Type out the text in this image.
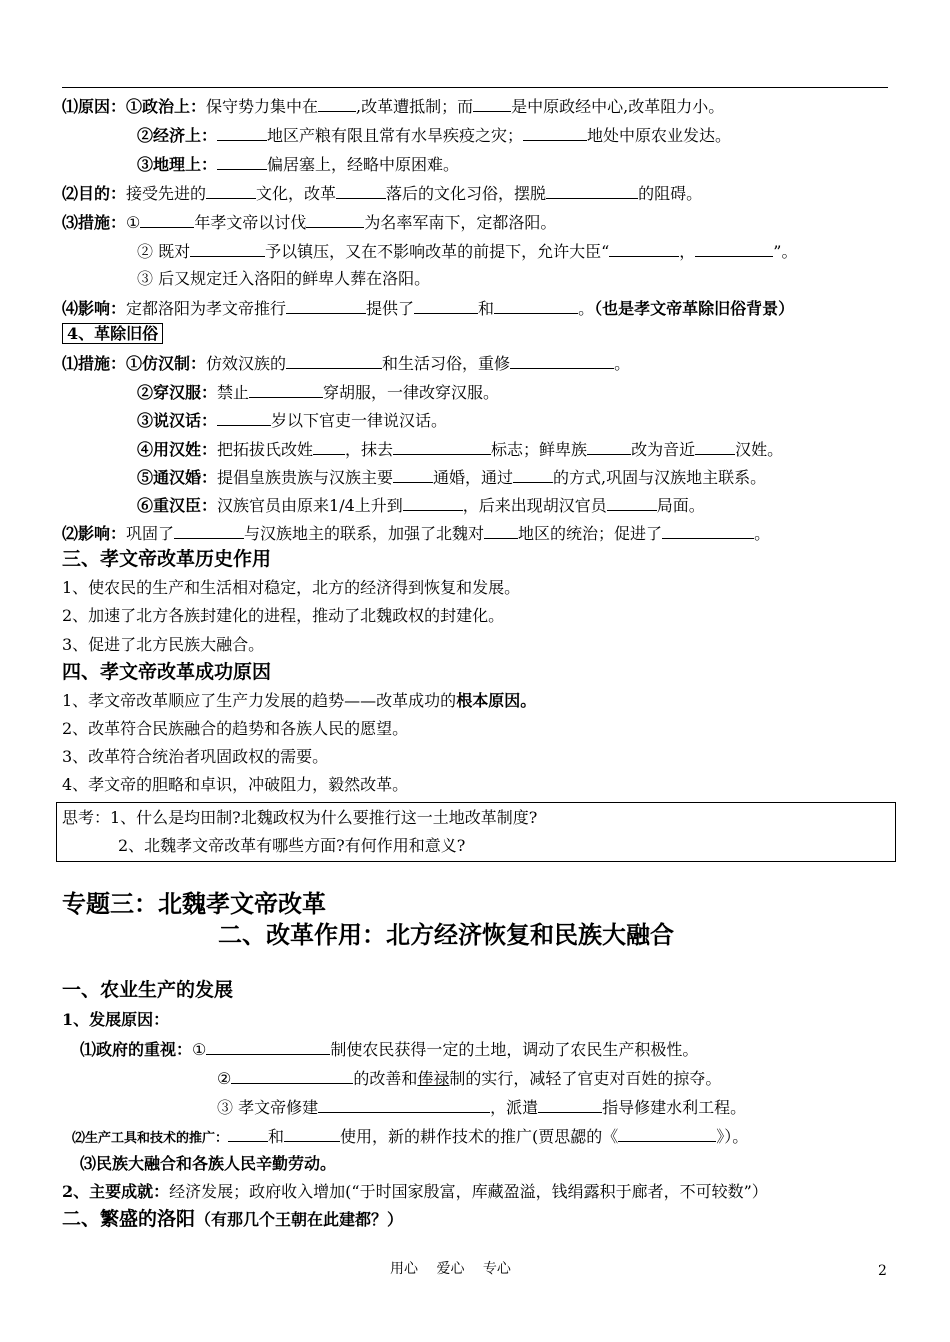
⑴原因：①政治上：保守势力集中在 ,改革遭抵制；而 是中原政经中心,改革阻力小。
②经济上：	地区产粮有限且常有水旱疾疫之灾；	地处中原农业发达。
③地理上：	偏居塞上，经略中原困难。
⑵目的：接受先进的	文化，改革	落后的文化习俗，摆脱	的阻碍。
⑶措施：①	年孝文帝以讨伐	为名率军南下，定都洛阳。
② 既对	予以镇压，又在不影响改革的前提下，允许大臣“	，	”。
③ 后又规定迁入洛阳的鲜卑人葬在洛阳。
⑷影响：定都洛阳为孝文帝推行	提供了	和	。（也是孝文帝革除旧俗背景）
4、革除旧俗
⑴措施：①仿汉制：仿效汉族的	和生活习俗，重修	。
②穿汉服：禁止	穿胡服，一律改穿汉服。
③说汉话：	岁以下官吏一律说汉话。
④用汉姓：把拓拔氏改姓 ，抹去	标志；鲜卑族	改为音近	汉姓。
⑤通汉婚：提倡皇族贵族与汉族主要	通婚，通过	的方式,巩固与汉族地主联系。
⑥重汉臣：汉族官员由原来1/4上升到	，后来出现胡汉官员	局面。
⑵影响：巩固了	与汉族地主的联系，加强了北魏对 地区的统治；促进了	。
三、孝文帝改革历史作用
1、使农民的生产和生活相对稳定，北方的经济得到恢复和发展。
2、加速了北方各族封建化的进程，推动了北魏政权的封建化。
3、促进了北方民族大融合。
四、孝文帝改革成功原因
1、孝文帝改革顺应了生产力发展的趋势——改革成功的根本原因。
2、改革符合民族融合的趋势和各族人民的愿望。
3、改革符合统治者巩固政权的需要。
4、孝文帝的胆略和卓识，冲破阻力，毅然改革。
思考：1、什么是均田制?北魏政权为什么要推行这一土地改革制度?
2、北魏孝文帝改革有哪些方面?有何作用和意义?
专题三：北魏孝文帝改革
二、改革作用：北方经济恢复和民族大融合
一、农业生产的发展
1、发展原因：
⑴政府的重视：①	制使农民获得一定的土地，调动了农民生产积极性。
②	的改善和俸禄制的实行，减轻了官吏对百姓的掠夺。
③ 孝文帝修建	，派遣	指导修建水利工程。
⑵生产工具和技术的推广：	和	使用，新的耕作技术的推广(贾思勰的《	》）。
⑶民族大融合和各族人民辛勤劳动。
2、主要成就：经济发展；政府收入增加(“于时国家殷富，库藏盈溢，钱绢露积于廊者，不可较数”）
二、繁盛的洛阳（有那几个王朝在此建都？）
用心　 爱心　 专心	2
